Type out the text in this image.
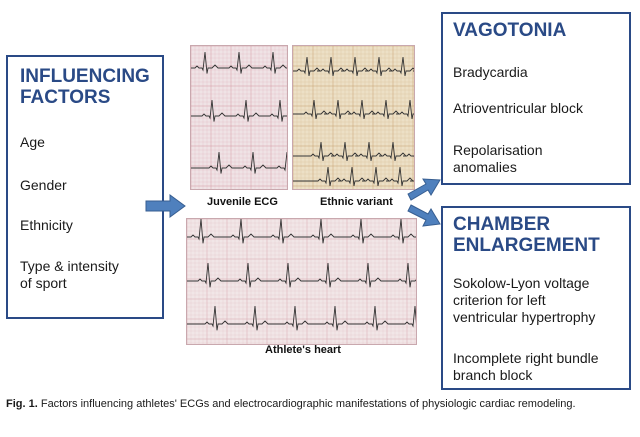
INFLUENCING
FACTORS
Age
Gender
Ethnicity
Type & intensity
of sport
Juvenile ECG	Ethnic variant
Athlete's heart
VAGOTONIA
Bradycardia
Atrioventricular block
Repolarisation
anomalies
CHAMBER
ENLARGEMENT
Sokolow-Lyon voltage
criterion for left
ventricular hypertrophy
Incomplete right bundle
branch block
Fig. 1. Factors influencing athletes' ECGs and electrocardiographic manifestations of physiologic cardiac remodeling.
